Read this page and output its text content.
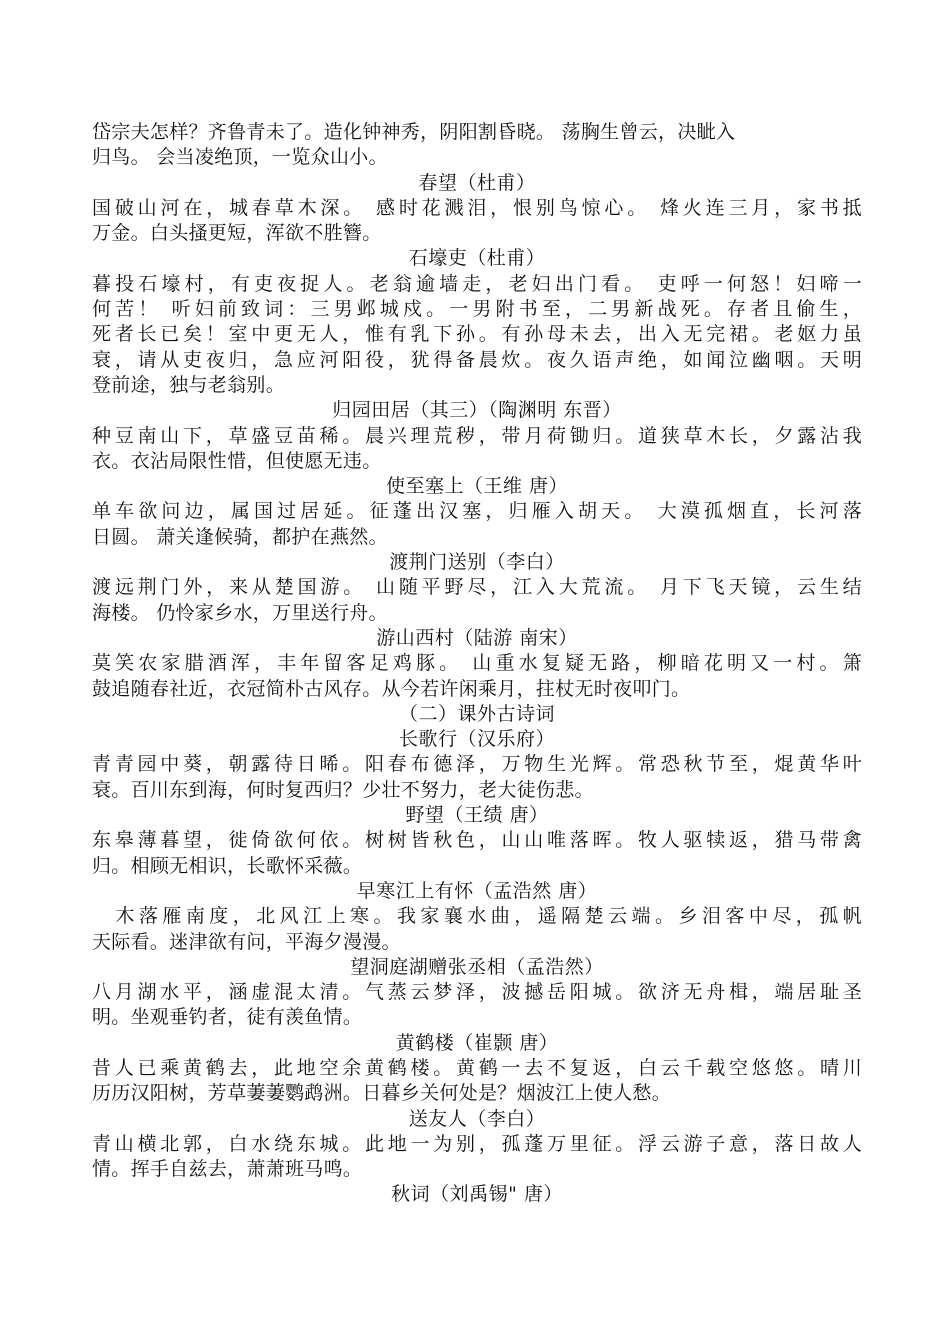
岱宗夫怎样？齐鲁青未了。造化钟神秀，阴阳割昏晓。 荡胸生曾云，决眦入
归鸟。 会当凌绝顶，一览众山小。
春望（杜甫）
国破山河在，城春草木深。 感时花溅泪，恨别鸟惊心。 烽火连三月，家书抵
万金。白头搔更短，浑欲不胜簪。
石壕吏（杜甫）
暮投石壕村，有吏夜捉人。老翁逾墙走，老妇出门看。 吏呼一何怒！妇啼一
何苦！ 听妇前致词：三男邺城戍。一男附书至，二男新战死。存者且偷生，
死者长已矣！室中更无人，惟有乳下孙。有孙母未去，出入无完裙。老妪力虽
衰，请从吏夜归，急应河阳役，犹得备晨炊。夜久语声绝，如闻泣幽咽。天明
登前途，独与老翁别。
归园田居（其三）（陶渊明 东晋）
种豆南山下，草盛豆苗稀。晨兴理荒秽，带月荷锄归。道狭草木长，夕露沾我
衣。衣沾局限性惜，但使愿无违。
使至塞上（王维 唐）
单车欲问边，属国过居延。征蓬出汉塞，归雁入胡天。 大漠孤烟直，长河落
日圆。 萧关逢候骑，都护在燕然。
渡荆门送别（李白）
渡远荆门外，来从楚国游。 山随平野尽，江入大荒流。 月下飞天镜，云生结
海楼。 仍怜家乡水，万里送行舟。
游山西村（陆游 南宋）
莫笑农家腊酒浑，丰年留客足鸡豚。 山重水复疑无路，柳暗花明又一村。箫
鼓追随春社近，衣冠简朴古风存。从今若许闲乘月，拄杖无时夜叩门。
（二）课外古诗词
长歌行（汉乐府）
青青园中葵，朝露待日晞。阳春布德泽，万物生光辉。常恐秋节至，焜黄华叶
衰。百川东到海，何时复西归？少壮不努力，老大徒伤悲。
野望（王绩 唐）
东皋薄暮望，徙倚欲何依。树树皆秋色，山山唯落晖。牧人驱犊返，猎马带禽
归。相顾无相识，长歌怀采薇。
早寒江上有怀（孟浩然 唐）
　木落雁南度，北风江上寒。我家襄水曲，遥隔楚云端。乡泪客中尽，孤帆
天际看。迷津欲有问，平海夕漫漫。
望洞庭湖赠张丞相（孟浩然）
八月湖水平，涵虚混太清。气蒸云梦泽，波撼岳阳城。欲济无舟楫，端居耻圣
明。坐观垂钓者，徒有羡鱼情。
黄鹤楼（崔颢 唐）
昔人已乘黄鹤去，此地空余黄鹤楼。黄鹤一去不复返，白云千载空悠悠。晴川
历历汉阳树，芳草萋萋鹦鹉洲。日暮乡关何处是？烟波江上使人愁。
送友人（李白）
青山横北郭，白水绕东城。此地一为别，孤蓬万里征。浮云游子意，落日故人
情。挥手自兹去，萧萧班马鸣。
秋词（刘禹锡" 唐）
